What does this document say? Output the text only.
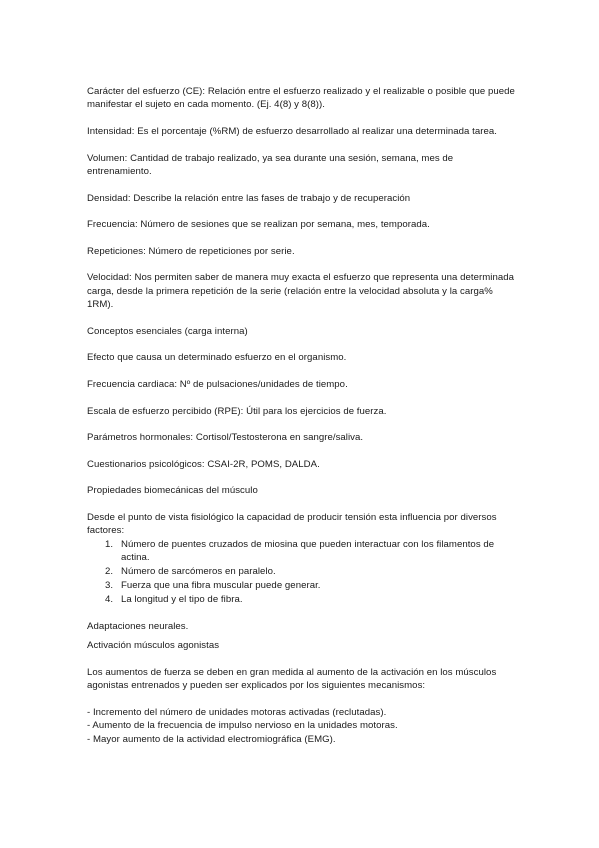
Carácter del esfuerzo (CE): Relación entre el esfuerzo realizado y el realizable o posible que puede manifestar el sujeto en cada momento. (Ej. 4(8) y 8(8)).

Intensidad: Es el porcentaje (%RM) de esfuerzo desarrollado al realizar una determinada tarea.

Volumen: Cantidad de trabajo realizado, ya sea durante una sesión, semana, mes de entrenamiento.

Densidad: Describe la relación entre las fases de trabajo y de recuperación

Frecuencia: Número de sesiones que se realizan por semana, mes, temporada.

Repeticiones: Número de repeticiones por serie.

Velocidad: Nos permiten saber de manera muy exacta el esfuerzo que representa una determinada carga, desde la primera repetición de la serie (relación entre la velocidad absoluta y la carga% 1RM).

Conceptos esenciales (carga interna)

Efecto que causa un determinado esfuerzo en el organismo.

Frecuencia cardiaca: Nº de pulsaciones/unidades de tiempo.

Escala de esfuerzo percibido (RPE): Útil para los ejercicios de fuerza.

Parámetros hormonales: Cortisol/Testosterona en sangre/saliva.

Cuestionarios psicológicos: CSAI-2R, POMS, DALDA.

Propiedades biomecánicas del músculo

Desde el punto de vista fisiológico la capacidad de producir tensión esta influencia por diversos factores:

1. Número de puentes cruzados de miosina que pueden interactuar con los filamentos de actina.
2. Número de sarcómeros en paralelo.
3. Fuerza que una fibra muscular puede generar.
4. La longitud y el tipo de fibra.

Adaptaciones neurales.

Activación músculos agonistas

Los aumentos de fuerza se deben en gran medida al aumento de la activación en los músculos agonistas entrenados y pueden ser explicados por los siguientes mecanismos:

- Incremento del número de unidades motoras activadas (reclutadas).

- Aumento de la frecuencia de impulso nervioso en la unidades motoras.

- Mayor aumento de la actividad electromiográfica (EMG).
